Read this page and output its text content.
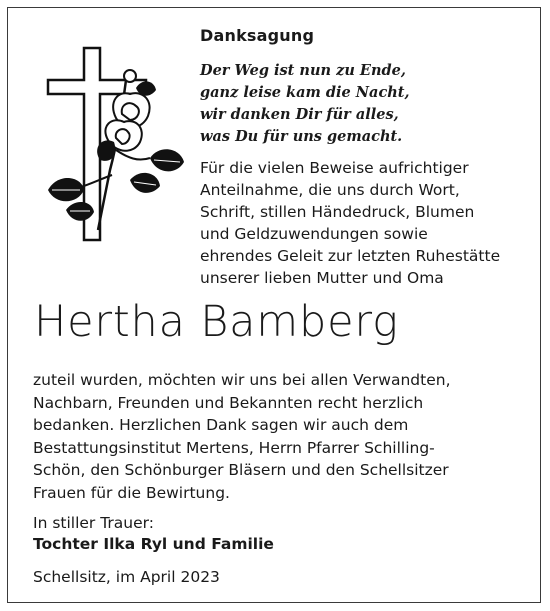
Danksagung
Der Weg ist nun zu Ende,
ganz leise kam die Nacht,
wir danken Dir für alles,
was Du für uns gemacht.
Für die vielen Beweise aufrichtiger
Anteilnahme, die uns durch Wort,
Schrift, stillen Händedruck, Blumen
und Geldzuwendungen sowie
ehrendes Geleit zur letzten Ruhestätte
unserer lieben Mutter und Oma
Hertha Bamberg
zuteil wurden, möchten wir uns bei allen Verwandten,
Nachbarn, Freunden und Bekannten recht herzlich
bedanken. Herzlichen Dank sagen wir auch dem
Bestattungsinstitut Mertens, Herrn Pfarrer Schilling-
Schön, den Schönburger Bläsern und den Schellsitzer
Frauen für die Bewirtung.
In stiller Trauer:
Tochter Ilka Ryl und Familie
Schellsitz, im April 2023
